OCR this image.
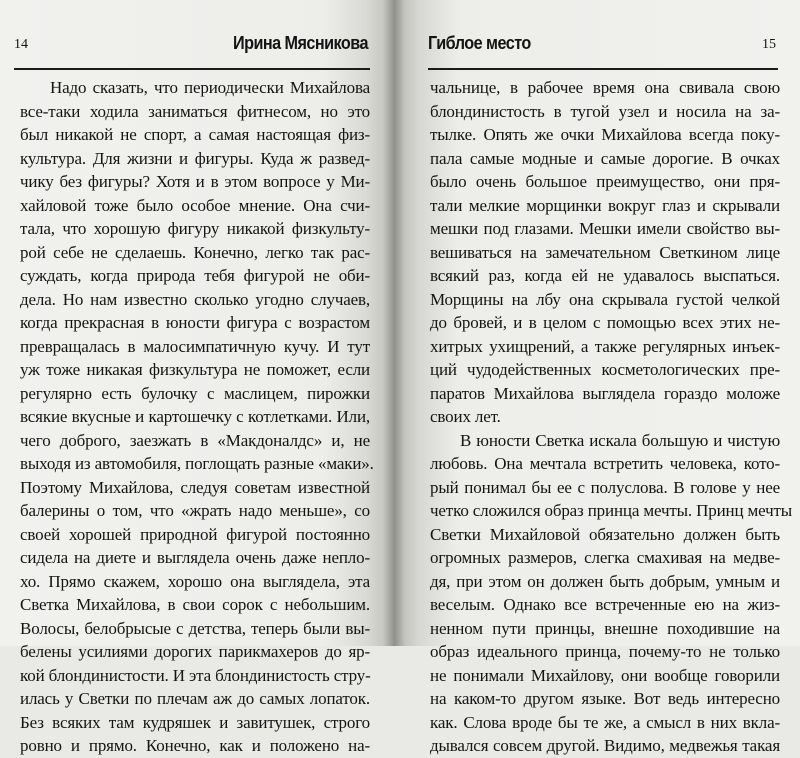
14	Ирина Мясникова
Надо сказать, что периодически Михайлова
все-таки ходила заниматься фитнесом, но это
был никакой не спорт, а самая настоящая физ-
культура. Для жизни и фигуры. Куда ж развед-
чику без фигуры? Хотя и в этом вопросе у Ми-
хайловой тоже было особое мнение. Она счи-
тала, что хорошую фигуру никакой физкульту-
рой себе не сделаешь. Конечно, легко так рас-
суждать, когда природа тебя фигурой не оби-
дела. Но нам известно сколько угодно случаев,
когда прекрасная в юности фигура с возрастом
превращалась в малосимпатичную кучу. И тут
уж тоже никакая физкультура не поможет, если
регулярно есть булочку с маслицем, пирожки
всякие вкусные и картошечку с котлетками. Или,
чего доброго, заезжать в «Макдоналдс» и, не
выходя из автомобиля, поглощать разные «маки».
Поэтому Михайлова, следуя советам известной
балерины о том, что «жрать надо меньше», со
своей хорошей природной фигурой постоянно
сидела на диете и выглядела очень даже непло-
хо. Прямо скажем, хорошо она выглядела, эта
Светка Михайлова, в свои сорок с небольшим.
Волосы, белобрысые с детства, теперь были вы-
белены усилиями дорогих парикмахеров до яр-
кой блондинистости. И эта блондинистость стру-
илась у Светки по плечам аж до самых лопаток.
Без всяких там кудряшек и завитушек, строго
ровно и прямо. Конечно, как и положено на-
Гиблое место	15
чальнице, в рабочее время она свивала свою
блондинистость в тугой узел и носила на за-
тылке. Опять же очки Михайлова всегда поку-
пала самые модные и самые дорогие. В очках
было очень большое преимущество, они пря-
тали мелкие морщинки вокруг глаз и скрывали
мешки под глазами. Мешки имели свойство вы-
вешиваться на замечательном Светкином лице
всякий раз, когда ей не удавалось выспаться.
Морщины на лбу она скрывала густой челкой
до бровей, и в целом с помощью всех этих не-
хитрых ухищрений, а также регулярных инъек-
ций чудодейственных косметологических пре-
паратов Михайлова выглядела гораздо моложе
своих лет.
В юности Светка искала большую и чистую
любовь. Она мечтала встретить человека, кото-
рый понимал бы ее с полуслова. В голове у нее
четко сложился образ принца мечты. Принц мечты
Светки Михайловой обязательно должен быть
огромных размеров, слегка смахивая на медве-
дя, при этом он должен быть добрым, умным и
веселым. Однако все встреченные ею на жиз-
ненном пути принцы, внешне походившие на
образ идеального принца, почему-то не только
не понимали Михайлову, они вообще говорили
на каком-то другом языке. Вот ведь интересно
как. Слова вроде бы те же, а смысл в них вкла-
дывался совсем другой. Видимо, медвежья такая
